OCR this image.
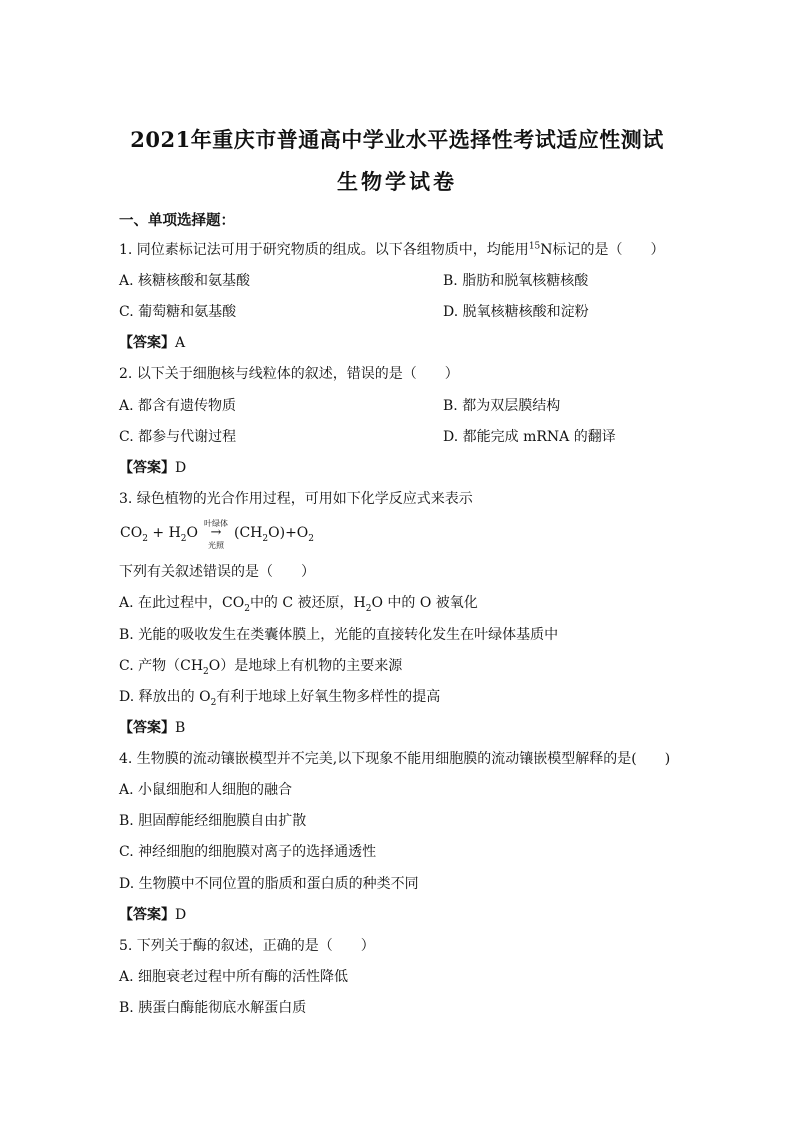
2021年重庆市普通高中学业水平选择性考试适应性测试
生物学试卷
一、单项选择题：
1. 同位素标记法可用于研究物质的组成。以下各组物质中，均能用$^{15}$N标记的是（　　）
A. 核糖核酸和氨基酸	B. 脂肪和脱氧核糖核酸
C. 葡萄糖和氨基酸	D. 脱氧核糖核酸和淀粉
【答案】A
2. 以下关于细胞核与线粒体的叙述，错误的是（　　）
A. 都含有遗传物质	B. 都为双层膜结构
C. 都参与代谢过程	D. 都能完成 mRNA 的翻译
【答案】D
3. 绿色植物的光合作用过程，可用如下化学反应式来表示
$CO_2 + H_2O$
叶绿体
→
光照
$(CH_2O)+O_2$
下列有关叙述错误的是（　　）
A. 在此过程中，$CO_2$中的 C 被还原，$H_2O$ 中的 O 被氧化
B. 光能的吸收发生在类囊体膜上，光能的直接转化发生在叶绿体基质中
C. 产物$(CH_2O)$是地球上有机物的主要来源
D. 释放出的 $O_2$有利于地球上好氧生物多样性的提高
【答案】B
4. 生物膜的流动镶嵌模型并不完美,以下现象不能用细胞膜的流动镶嵌模型解释的是(　　)
A. 小鼠细胞和人细胞的融合
B. 胆固醇能经细胞膜自由扩散
C. 神经细胞的细胞膜对离子的选择通透性
D. 生物膜中不同位置的脂质和蛋白质的种类不同
【答案】D
5. 下列关于酶的叙述，正确的是（　　）
A. 细胞衰老过程中所有酶的活性降低
B. 胰蛋白酶能彻底水解蛋白质
